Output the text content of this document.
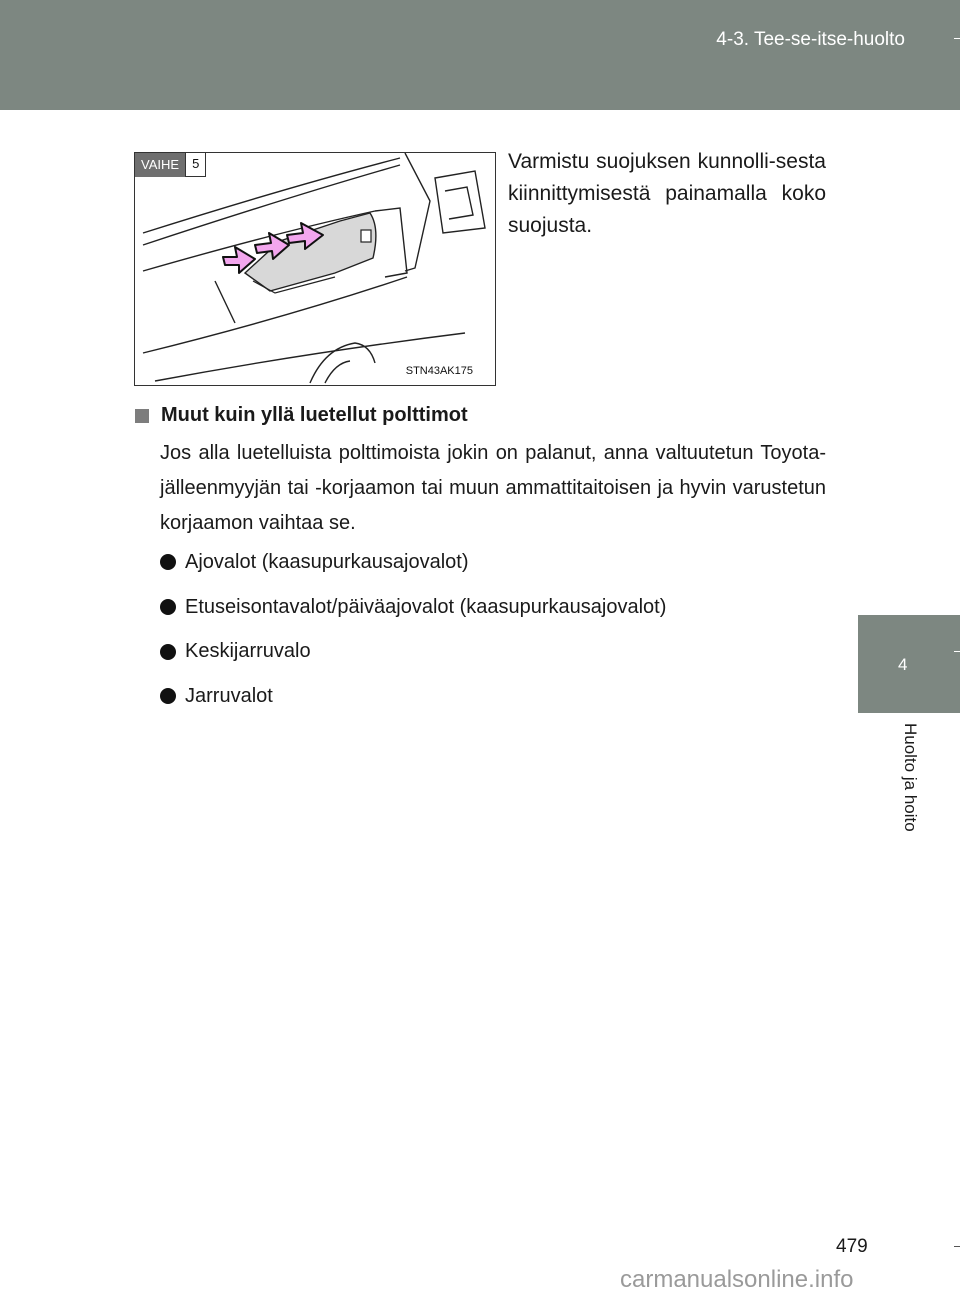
4-3. Tee-se-itse-huolto
VAIHE	5
STN43AK175
Varmistu suojuksen kunnolli-sesta kiinnittymisestä painamalla koko suojusta.
Muut kuin yllä luetellut polttimot
Jos alla luetelluista polttimoista jokin on palanut, anna valtuutetun Toyota-jälleenmyyjän tai -korjaamon tai muun ammattitaitoisen ja hyvin varustetun korjaamon vaihtaa se.
Ajovalot (kaasupurkausajovalot)
Etuseisontavalot/päiväajovalot (kaasupurkausajovalot)
Keskijarruvalo
Jarruvalot
4
Huolto ja hoito
479
carmanualsonline.info
